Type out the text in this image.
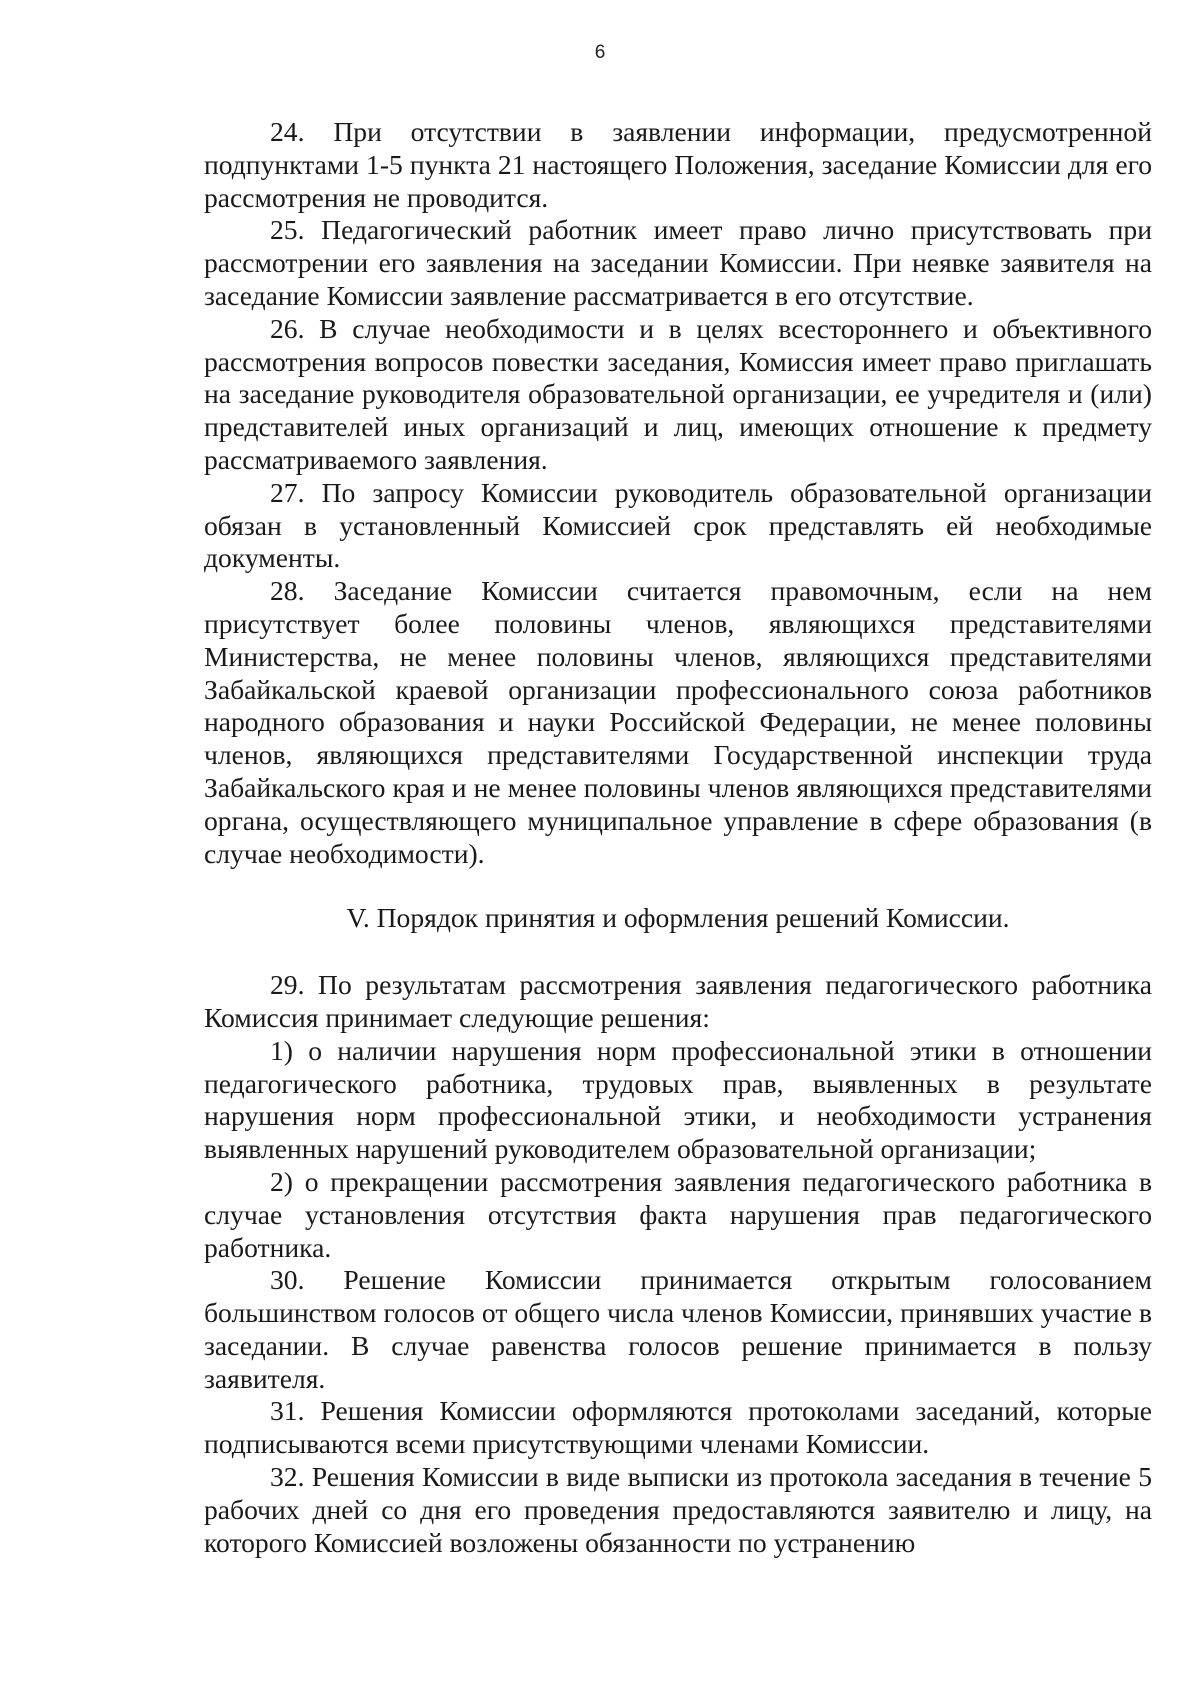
6

24. При отсутствии в заявлении информации, предусмотренной подпунктами 1-5 пункта 21 настоящего Положения, заседание Комиссии для его рассмотрения не проводится.

25. Педагогический работник имеет право лично присутствовать при рассмотрении его заявления на заседании Комиссии. При неявке заявителя на заседание Комиссии заявление рассматривается в его отсутствие.

26. В случае необходимости и в целях всестороннего и объективного рассмотрения вопросов повестки заседания, Комиссия имеет право приглашать на заседание руководителя образовательной организации, ее учредителя и (или) представителей иных организаций и лиц, имеющих отношение к предмету рассматриваемого заявления.

27. По запросу Комиссии руководитель образовательной организации обязан в установленный Комиссией срок представлять ей необходимые документы.

28. Заседание Комиссии считается правомочным, если на нем присутствует более половины членов, являющихся представителями Министерства, не менее половины членов, являющихся представителями Забайкальской краевой организации профессионального союза работников народного образования и науки Российской Федерации, не менее половины членов, являющихся представителями Государственной инспекции труда Забайкальского края и не менее половины членов являющихся представителями органа, осуществляющего муниципальное управление в сфере образования (в случае необходимости).

V. Порядок принятия и оформления решений Комиссии.

29. По результатам рассмотрения заявления педагогического работника Комиссия принимает следующие решения:

1) о наличии нарушения норм профессиональной этики в отношении педагогического работника, трудовых прав, выявленных в результате нарушения норм профессиональной этики, и необходимости устранения выявленных нарушений руководителем образовательной организации;

2) о прекращении рассмотрения заявления педагогического работника в случае установления отсутствия факта нарушения прав педагогического работника.

30. Решение Комиссии принимается открытым голосованием большинством голосов от общего числа членов Комиссии, принявших участие в заседании. В случае равенства голосов решение принимается в пользу заявителя.

31. Решения Комиссии оформляются протоколами заседаний, которые подписываются всеми присутствующими членами Комиссии.

32. Решения Комиссии в виде выписки из протокола заседания в течение 5 рабочих дней со дня его проведения предоставляются заявителю и лицу, на которого Комиссией возложены обязанности по устранению
